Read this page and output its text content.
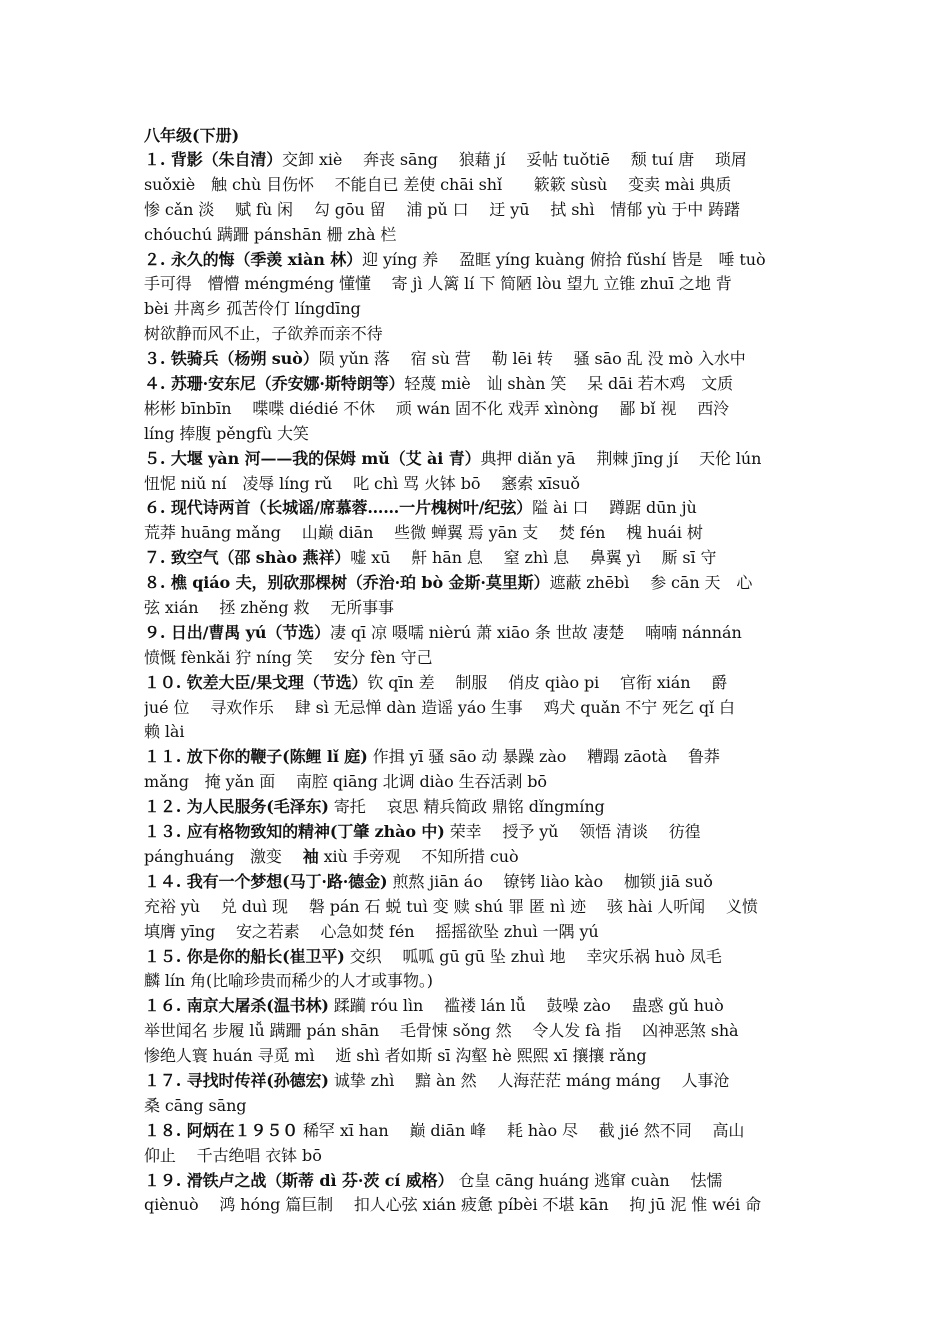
八年级(下册)
１. 背影（朱自清）交卸 xiè　 奔丧 sāng　 狼藉 jí　 妥帖 tuǒtiē　 颓 tuí 唐　 琐屑
suǒxiè　触 chù 目伤怀　 不能自已 差使 chāi shǐ　　簌簌 sùsù　 变卖 mài 典质
惨 cǎn 淡　 赋 fù 闲　 勾 gōu 留　 浦 pǔ 口　 迂 yū　 拭 shì　情郁 yù 于中 踌躇
chóuchú 蹒跚 pánshān 栅 zhà 栏
２. 永久的悔（季羡 xiàn 林）迎 yíng 养　 盈眶 yíng kuàng 俯拾 fǔshí 皆是　唾 tuò
手可得　懵懵 méngméng 懂懂　 寄 jì 人篱 lí 下 简陋 lòu 望九 立锥 zhuī 之地 背
bèi 井离乡 孤苦伶仃 língdīng
树欲静而风不止，子欲养而亲不待
３. 铁骑兵（杨朔 suò）陨 yǔn 落　 宿 sù 营　 勒 lēi 转　 骚 sāo 乱 没 mò 入水中
４. 苏珊·安东尼（乔安娜·斯特朗等）轻蔑 miè　讪 shàn 笑　 呆 dāi 若木鸡　文质
彬彬 bīnbīn　 喋喋 diédié 不休　 顽 wán 固不化 戏弄 xìnòng　 鄙 bǐ 视　 西泠
líng 捧腹 pěngfù 大笑
５. 大堰 yàn 河——我的保姆 mǔ（艾 ài 青）典押 diǎn yā　 荆棘 jīng jí　 天伦 lún
忸怩 niǔ ní　凌辱 líng rǔ　 叱 chì 骂 火钵 bō　 窸索 xīsuǒ
６. 现代诗两首（长城谣/席慕蓉……一片槐树叶/纪弦）隘 ài 口　 蹲踞 dūn jù
荒莽 huāng mǎng　 山巅 diān　 些微 蝉翼 焉 yān 支　 焚 fén　 槐 huái 树
７. 致空气（邵 shào 燕祥）嘘 xū　 鼾 hān 息　 窒 zhì 息　 鼻翼 yì　 厮 sī 守
８. 樵 qiáo 夫，别砍那棵树（乔治·珀 bò 金斯·莫里斯）遮蔽 zhēbì　 参 cān 天　心
弦 xián　 拯 zhěng 救　 无所事事
９. 日出/曹禺 yú（节选）凄 qī 凉 嗫嚅 nièrú 萧 xiāo 条 世故 凄楚　 喃喃 nánnán
愤慨 fènkǎi 狞 níng 笑　 安分 fèn 守己
１０. 钦差大臣/果戈理（节选）钦 qīn 差　 制服　 俏皮 qiào pi　 官衔 xián　 爵
jué 位　 寻欢作乐　 肆 sì 无忌惮 dàn 造谣 yáo 生事　 鸡犬 quǎn 不宁 死乞 qǐ 白
赖 lài
１１. 放下你的鞭子(陈鲤 lǐ 庭) 作揖 yī 骚 sāo 动 暴躁 zào　 糟蹋 zāotà　 鲁莽
mǎng　掩 yǎn 面　 南腔 qiāng 北调 diào 生吞活剥 bō
１２. 为人民服务(毛泽东) 寄托　 哀思 精兵简政 鼎铭 dǐngmíng
１３. 应有格物致知的精神(丁肇 zhào 中) 荣幸　 授予 yǔ　 领悟 清谈　 彷徨
pánghuáng　激变　 袖 xiù 手旁观　 不知所措 cuò
１４. 我有一个梦想(马丁·路·德金) 煎熬 jiān áo　 镣铐 liào kào　 枷锁 jiā suǒ
充裕 yù　 兑 duì 现　 磐 pán 石 蜕 tuì 变 赎 shú 罪 匿 nì 迹　 骇 hài 人听闻　 义愤
填膺 yīng　 安之若素　 心急如焚 fén　 摇摇欲坠 zhuì 一隅 yú
１５. 你是你的船长(崔卫平) 交织　 呱呱 gū gū 坠 zhuì 地　 幸灾乐祸 huò 凤毛
麟 lín 角(比喻珍贵而稀少的人才或事物。)
１６. 南京大屠杀(温书林) 蹂躏 róu lìn　 褴褛 lán lǚ　 鼓噪 zào　 蛊惑 gǔ huò
举世闻名 步履 lǚ 蹒跚 pán shān　 毛骨悚 sǒng 然　 令人发 fà 指　 凶神恶煞 shà
惨绝人寰 huán 寻觅 mì　 逝 shì 者如斯 sī 沟壑 hè 熙熙 xī 攘攘 rǎng
１７. 寻找时传祥(孙德宏) 诚挚 zhì　 黯 àn 然　 人海茫茫 máng máng　 人事沧
桑 cāng sāng
１８. 阿炳在１９５０ 稀罕 xī han　 巅 diān 峰　 耗 hào 尽　 截 jié 然不同　 高山
仰止　 千古绝唱 衣钵 bō
１９. 滑铁卢之战（斯蒂 dì 芬·茨 cí 威格） 仓皇 cāng huáng 逃窜 cuàn　 怯懦
qiènuò　 鸿 hóng 篇巨制　 扣人心弦 xián 疲惫 píbèi 不堪 kān　 拘 jū 泥 惟 wéi 命
